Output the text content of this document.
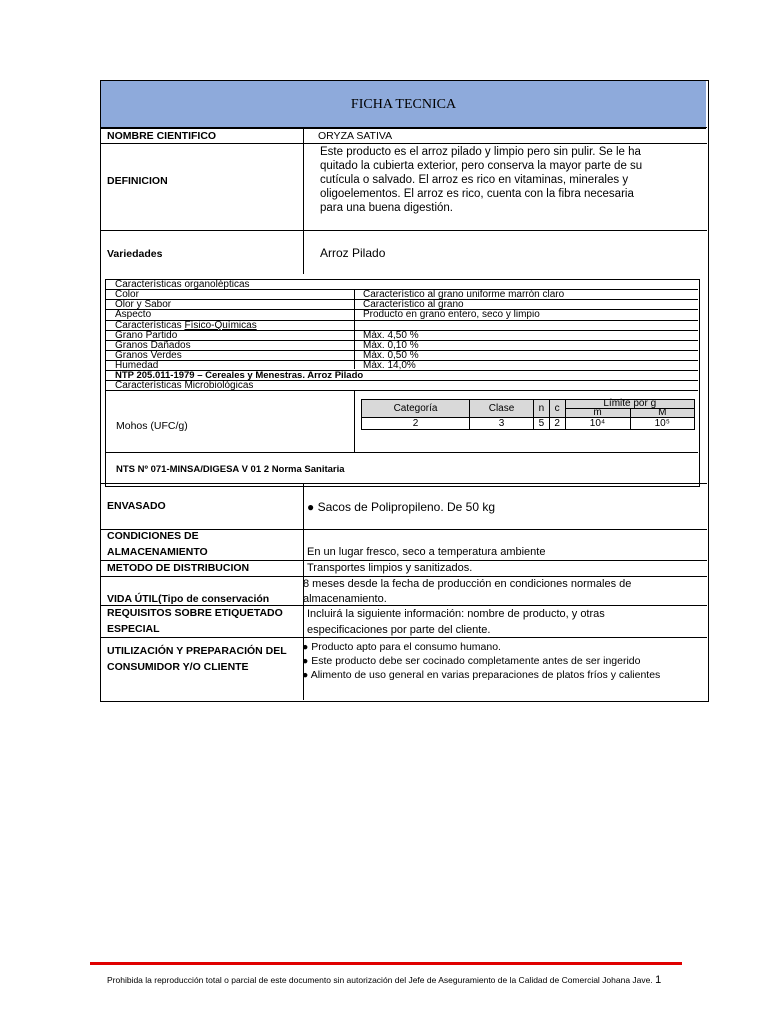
FICHA TECNICA
NOMBRE CIENTIFICO	ORYZA SATIVA
DEFINICION
Este producto es el arroz pilado y limpio pero sin pulir. Se le ha
quitado la cubierta exterior, pero conserva la mayor parte de su
cutícula o salvado. El arroz es rico en vitaminas, minerales y
oligoelementos. El arroz es rico, cuenta con la fibra necesaria
para una buena digestión.
Variedades	Arroz Pilado
Características organolépticas
Color	Característico al grano uniforme marrón claro
Olor y Sabor	Característico al grano
Aspecto	Producto en grano entero, seco y limpio
Características Físico-Químicas
Grano Partido	Máx. 4,50 %
Granos Dañados	Máx. 0,10 %
Granos Verdes	Máx. 0,50 %
Humedad	Máx. 14,0%
NTP 205.011-1979 – Cereales y Menestras. Arroz Pilado
Características Microbiológicas
Mohos (UFC/g)
Categoría	Clase	n	c	Límite por g	
				m	M
2	3	5	2	10⁴	10⁵
NTS Nº 071-MINSA/DIGESA V 01 2 Norma Sanitaria
ENVASADO	● Sacos de Polipropileno. De 50 kg
CONDICIONES DE
ALMACENAMIENTO	En un lugar fresco, seco a temperatura ambiente
METODO DE DISTRIBUCION	Transportes limpios y sanitizados.
8 meses desde la fecha de producción en condiciones normales de
VIDA ÚTIL(Tipo de conservación	almacenamiento.
REQUISITOS SOBRE ETIQUETADO
ESPECIAL
Incluirá la siguiente información: nombre de producto, y otras
especificaciones por parte del cliente.
UTILIZACIÓN Y PREPARACIÓN DEL
CONSUMIDOR Y/O CLIENTE
● Producto apto para el consumo humano.
● Este producto debe ser cocinado completamente antes de ser ingerido
● Alimento de uso general en varias preparaciones de platos fríos y calientes
Prohibida la reproducción total o parcial de este documento sin autorización del Jefe de Aseguramiento de la Calidad de Comercial Johana Jave. 1
